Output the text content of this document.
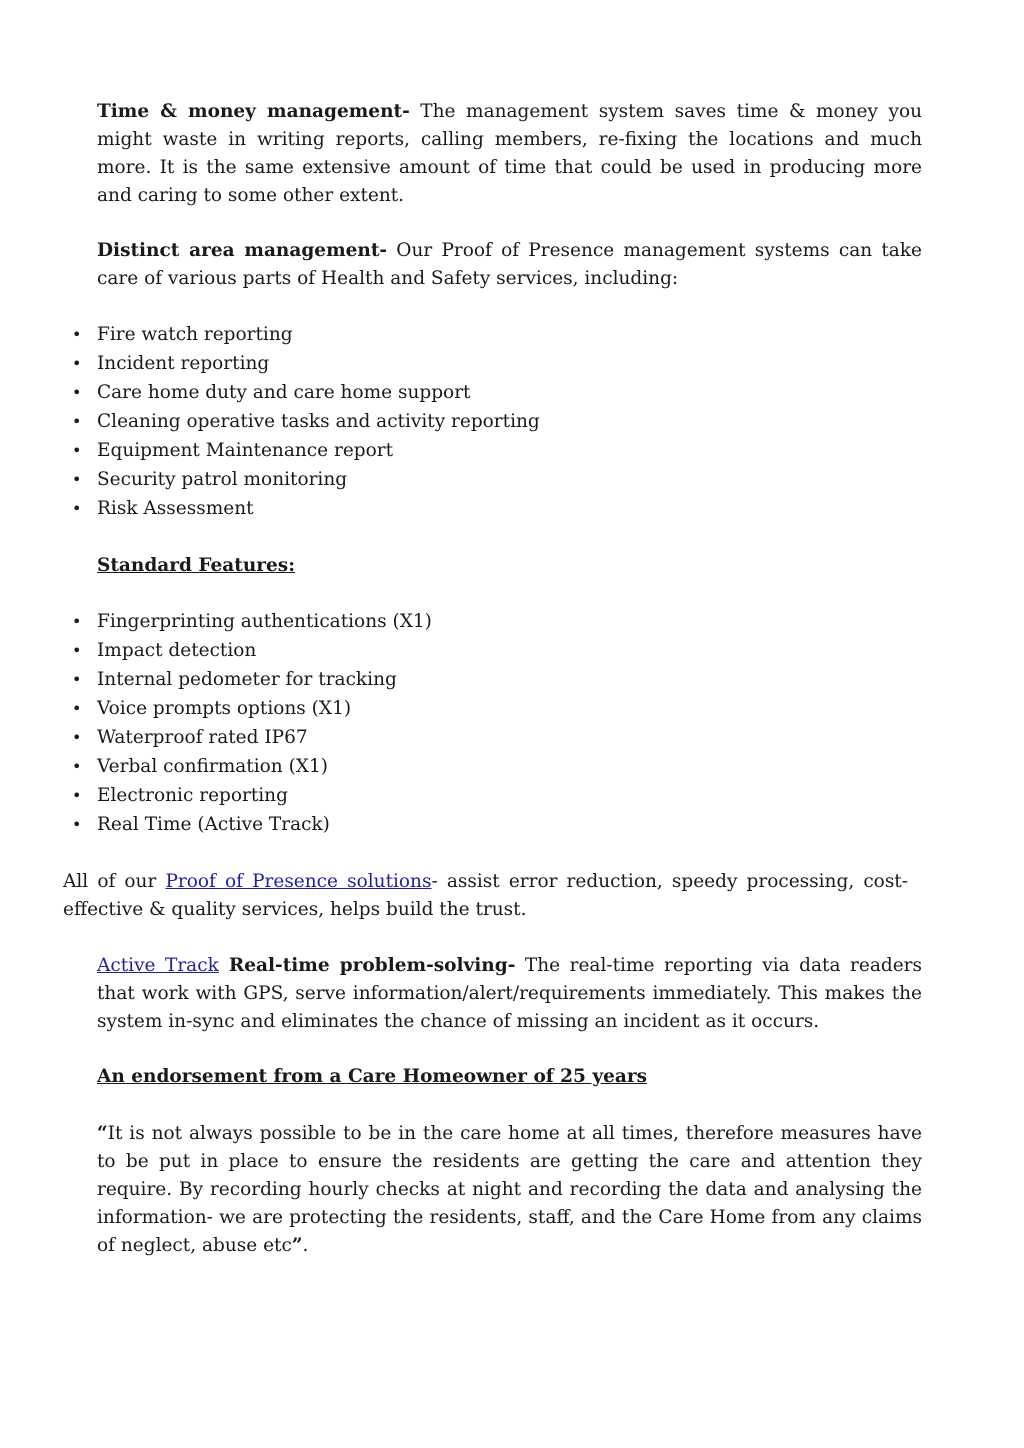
Time & money management- The management system saves time & money you might waste in writing reports, calling members, re-fixing the locations and much more. It is the same extensive amount of time that could be used in producing more and caring to some other extent.

Distinct area management- Our Proof of Presence management systems can take care of various parts of Health and Safety services, including:

• Fire watch reporting
• Incident reporting
• Care home duty and care home support
• Cleaning operative tasks and activity reporting
• Equipment Maintenance report
• Security patrol monitoring
• Risk Assessment

Standard Features:

• Fingerprinting authentications (X1)
• Impact detection
• Internal pedometer for tracking
• Voice prompts options (X1)
• Waterproof rated IP67
• Verbal confirmation (X1)
• Electronic reporting
• Real Time (Active Track)

All of our Proof of Presence solutions- assist error reduction, speedy processing, cost-effective & quality services, helps build the trust.

Active Track Real-time problem-solving- The real-time reporting via data readers that work with GPS, serve information/alert/requirements immediately. This makes the system in-sync and eliminates the chance of missing an incident as it occurs.

An endorsement from a Care Homeowner of 25 years

“It is not always possible to be in the care home at all times, therefore measures have to be put in place to ensure the residents are getting the care and attention they require. By recording hourly checks at night and recording the data and analysing the information- we are protecting the residents, staff, and the Care Home from any claims of neglect, abuse etc”.
